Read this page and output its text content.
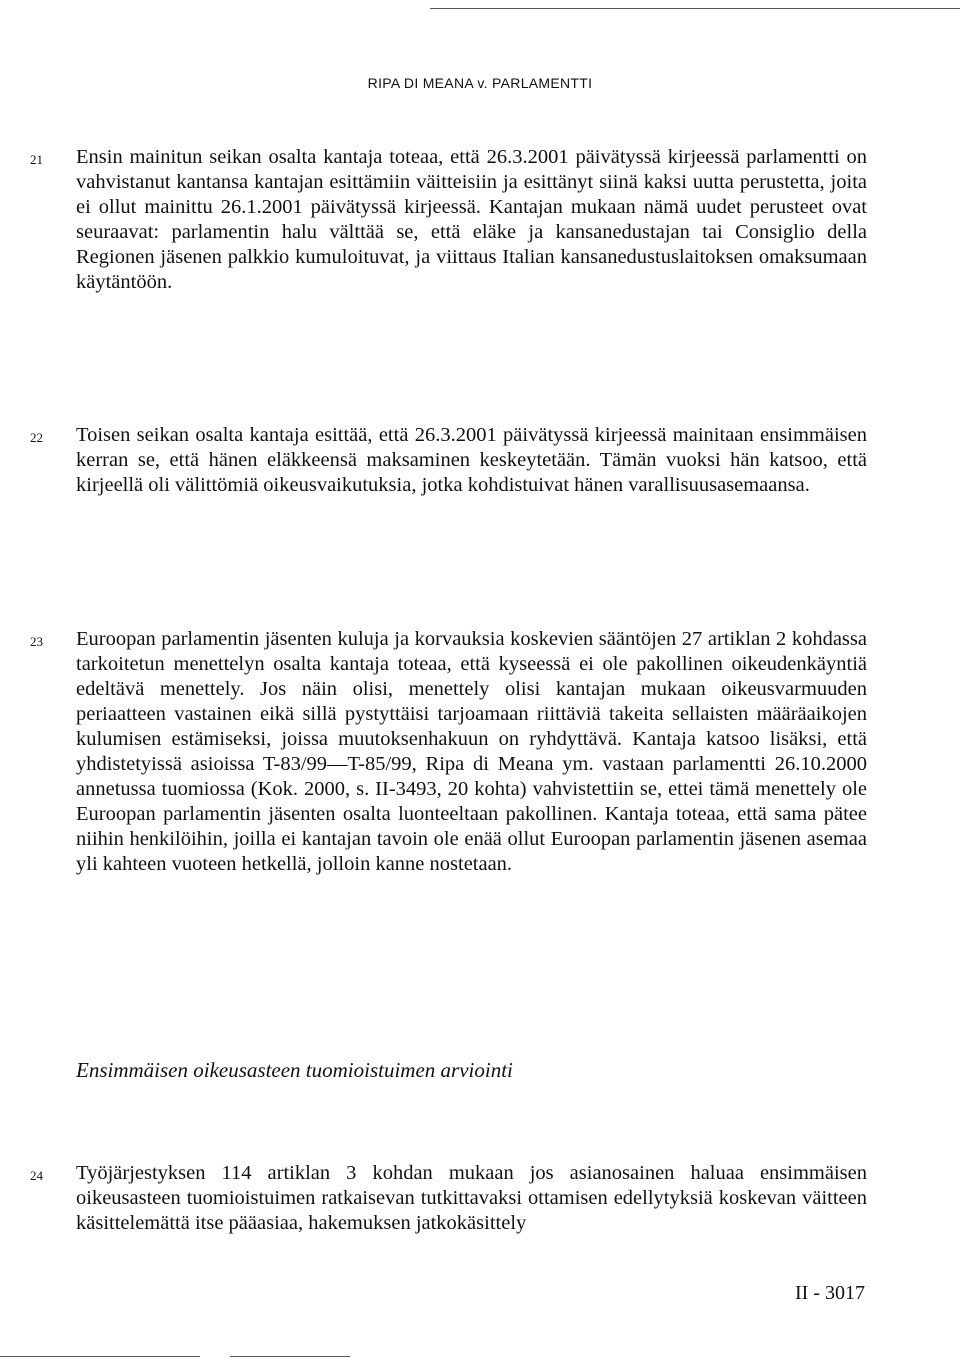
RIPA DI MEANA v. PARLAMENTTI

Ensin mainitun seikan osalta kantaja toteaa, että 26.3.2001 päivätyssä kirjeessä parlamentti on vahvistanut kantansa kantajan esittämiin väitteisiin ja esittänyt siinä kaksi uutta perustetta, joita ei ollut mainittu 26.1.2001 päivätyssä kirjeessä. Kantajan mukaan nämä uudet perusteet ovat seuraavat: parlamentin halu välttää se, että eläke ja kansanedustajan tai Consiglio della Regionen jäsenen palkkio kumuloituvat, ja viittaus Italian kansanedustuslaitoksen omaksumaan käytäntöön.

21

Toisen seikan osalta kantaja esittää, että 26.3.2001 päivätyssä kirjeessä mainitaan ensimmäisen kerran se, että hänen eläkkeensä maksaminen keskeytetään. Tämän vuoksi hän katsoo, että kirjeellä oli välittömiä oikeusvaikutuksia, jotka kohdistuivat hänen varallisuusasemaansa.

22

Euroopan parlamentin jäsenten kuluja ja korvauksia koskevien sääntöjen 27 artiklan 2 kohdassa tarkoitetun menettelyn osalta kantaja toteaa, että kyseessä ei ole pakollinen oikeudenkäyntiä edeltävä menettely. Jos näin olisi, menettely olisi kantajan mukaan oikeusvarmuuden periaatteen vastainen eikä sillä pystyttäisi tarjoamaan riittäviä takeita sellaisten määräaikojen kulumisen estämiseksi, joissa muutoksenhakuun on ryhdyttävä. Kantaja katsoo lisäksi, että yhdistetyissä asioissa T-83/99—T-85/99, Ripa di Meana ym. vastaan parlamentti 26.10.2000 annetussa tuomiossa (Kok. 2000, s. II-3493, 20 kohta) vahvistettiin se, ettei tämä menettely ole Euroopan parlamentin jäsenten osalta luonteeltaan pakollinen. Kantaja toteaa, että sama pätee niihin henkilöihin, joilla ei kantajan tavoin ole enää ollut Euroopan parlamentin jäsenen asemaa yli kahteen vuoteen hetkellä, jolloin kanne nostetaan.

23
Ensimmäisen oikeusasteen tuomioistuimen arviointi

Työjärjestyksen 114 artiklan 3 kohdan mukaan jos asianosainen haluaa ensimmäisen oikeusasteen tuomioistuimen ratkaisevan tutkittavaksi ottamisen edellytyksiä koskevan väitteen käsittelemättä itse pääasiaa, hakemuksen jatkokäsittely

24
II - 3017
